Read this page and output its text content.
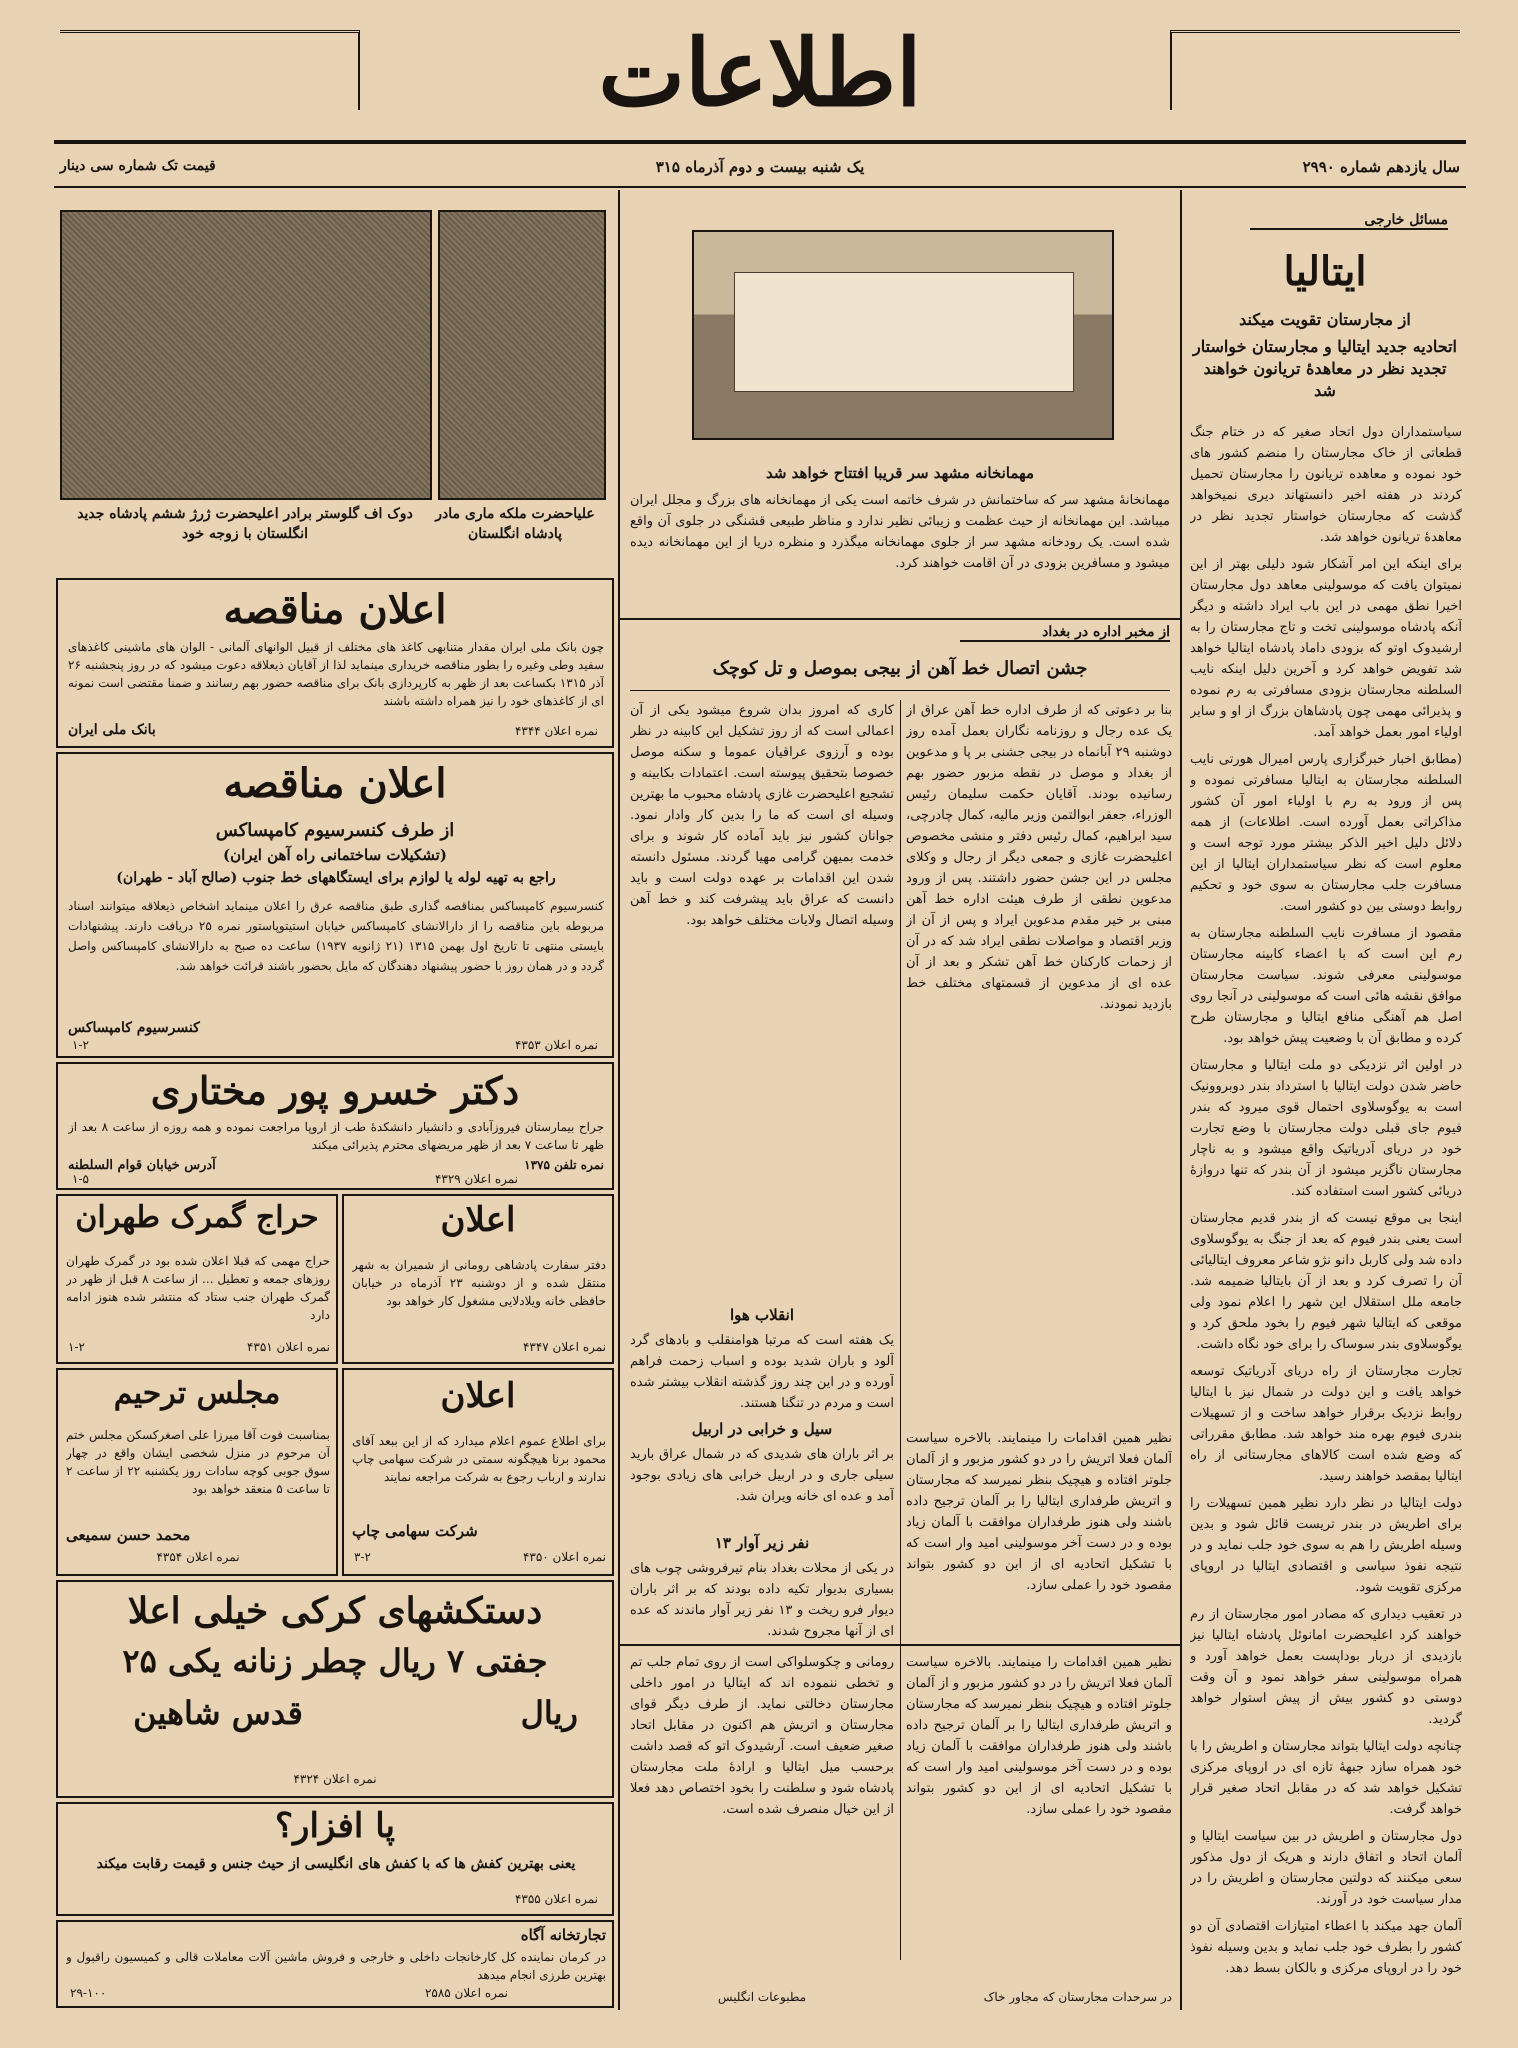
اطلاعات
سال یازدهم شماره ۲۹۹۰
یک شنبه بیست و دوم آذرماه ۳۱۵
قیمت تک شماره سی دینار
مسائل خارجی
ایتالیا
از مجارستان تقویت میکند
اتحادیه جدید ایتالیا و مجارستان خواستار تجدید نظر در معاهدهٔ تریانون خواهند شد

سیاستمداران دول اتحاد صغیر که در ختام جنگ قطعاتی از خاک مجارستان را منضم کشور های خود نموده و معاهده تریانون را مجارستان تحمیل کردند در هفته اخیر دانستهاند دیری نمیخواهد گذشت که مجارستان خواستار تجدید نظر در معاهدهٔ تریانون خواهد شد.

برای اینکه این امر آشکار شود دلیلی بهتر از این نمیتوان یافت که موسولینی معاهد دول مجارستان اخیرا نطق مهمی در این باب ایراد داشته و دیگر آنکه پادشاه موسولینی تخت و تاج مجارستان را به ارشیدوک اوتو که بزودی داماد پادشاه ایتالیا خواهد شد تفویض خواهد کرد و آخرین دلیل اینکه نایب السلطنه مجارستان بزودی مسافرتی به رم نموده و پذیرائی مهمی چون پادشاهان بزرگ از او و سایر اولیاء امور بعمل خواهد آمد.

(مطابق اخبار خبرگزاری پارس امیرال هورتی نایب السلطنه مجارستان به ایتالیا مسافرتی نموده و پس از ورود به رم با اولیاء امور آن کشور مذاکراتی بعمل آورده است. اطلاعات) از همه دلائل دلیل اخیر الذکر بیشتر مورد توجه است و معلوم است که نظر سیاستمداران ایتالیا از این مسافرت جلب مجارستان به سوی خود و تحکیم روابط دوستی بین دو کشور است.

مقصود از مسافرت نایب السلطنه مجارستان به رم این است که با اعضاء کابینه مجارستان موسولینی معرفی شوند. سیاست مجارستان موافق نقشه هائی است که موسولینی در آنجا روی اصل هم آهنگی منافع ایتالیا و مجارستان طرح کرده و مطابق آن با وضعیت پیش خواهد بود.

در اولین اثر نزدیکی دو ملت ایتالیا و مجارستان حاضر شدن دولت ایتالیا با استرداد بندر دوبروونیک است به یوگوسلاوی احتمال قوی میرود که بندر فیوم جای قبلی دولت مجارستان با وضع تجارت خود در دریای آدریاتیک واقع میشود و به ناچار مجارستان ناگزیر میشود از آن بندر که تنها دروازهٔ دریائی کشور است استفاده کند.

اینجا بی موقع نیست که از بندر قدیم مجارستان است یعنی بندر فیوم که بعد از جنگ به یوگوسلاوی داده شد ولی کاربل دانو نژو شاعر معروف ایتالیائی آن را تصرف کرد و بعد از آن بایتالیا ضمیمه شد. جامعه ملل استقلال این شهر را اعلام نمود ولی موقعی که ایتالیا شهر فیوم را بخود ملحق کرد و یوگوسلاوی بندر سوساک را برای خود نگاه داشت.

تجارت مجارستان از راه دریای آدریاتیک توسعه خواهد یافت و این دولت در شمال نیز با ایتالیا روابط نزدیک برقرار خواهد ساخت و از تسهیلات بندری فیوم بهره مند خواهد شد. مطابق مقرراتی که وضع شده است کالاهای مجارستانی از راه ایتالیا بمقصد خواهند رسید.

دولت ایتالیا در نظر دارد نظیر همین تسهیلات را برای اطریش در بندر تریست قائل شود و بدین وسیله اطریش را هم به سوی خود جلب نماید و در نتیجه نفوذ سیاسی و اقتصادی ایتالیا در اروپای مرکزی تقویت شود.

در تعقیب دیداری که مصادر امور مجارستان از رم خواهند کرد اعلیحضرت امانوئل پادشاه ایتالیا نیز بازدیدی از دربار بوداپست بعمل خواهد آورد و همراه موسولینی سفر خواهد نمود و آن وقت دوستی دو کشور بیش از پیش استوار خواهد گردید.

چنانچه دولت ایتالیا بتواند مجارستان و اطریش را با خود همراه سازد جبههٔ تازه ای در اروپای مرکزی تشکیل خواهد شد که در مقابل اتحاد صغیر قرار خواهد گرفت.

دول مجارستان و اطریش در بین سیاست ایتالیا و آلمان اتحاد و اتفاق دارند و هریک از دول مذکور سعی میکنند که دولتین مجارستان و اطریش را در مدار سیاست خود در آورند.

آلمان جهد میکند با اعطاء امتیازات اقتصادی آن دو کشور را بطرف خود جلب نماید و بدین وسیله نفوذ خود را در اروپای مرکزی و بالکان بسط دهد.

مهمانخانه مشهد سر قریبا افتتاح خواهد شد
مهمانخانهٔ مشهد سر که ساختمانش در شرف خاتمه است یکی از مهمانخانه های بزرگ و مجلل ایران میباشد. این مهمانخانه از حیث عظمت و زیبائی نظیر ندارد و مناظر طبیعی قشنگی در جلوی آن واقع شده است. یک رودخانه مشهد سر از جلوی مهمانخانه میگذرد و منظره دریا از این مهمانخانه دیده میشود و مسافرین بزودی در آن اقامت خواهند کرد.
از مخبر اداره در بغداد
جشن اتصال خط آهن از بیجی بموصل و تل کوچک
بنا بر دعوتی که از طرف اداره خط آهن عراق از یک عده رجال و روزنامه نگاران بعمل آمده روز دوشنبه ۲۹ آبانماه در بیجی جشنی بر پا و مدعوین از بغداد و موصل در نقطه مزبور حضور بهم رسانیده بودند. آقایان حکمت سلیمان رئیس الوزراء، جعفر ابوالتمن وزیر مالیه، کمال چادرچی، سید ابراهیم، کمال رئیس دفتر و منشی مخصوص اعلیحضرت غازی و جمعی دیگر از رجال و وکلای مجلس در این جشن حضور داشتند. پس از ورود مدعوین نطقی از طرف هیئت اداره خط آهن مبنی بر خیر مقدم مدعوین ایراد و پس از آن از وزیر اقتصاد و مواصلات نطقی ایراد شد که در آن از زحمات کارکنان خط آهن تشکر و بعد از آن عده ای از مدعوین از قسمتهای مختلف خط بازدید نمودند.
کاری که امروز بدان شروع میشود یکی از آن اعمالی است که از روز تشکیل این کابینه در نظر بوده و آرزوی عراقیان عموما و سکنه موصل خصوصا بتحقیق پیوسته است. اعتمادات بکابینه و تشجیع اعلیحضرت غازی پادشاه محبوب ما بهترین وسیله ای است که ما را بدین کار وادار نمود. جوانان کشور نیز باید آماده کار شوند و برای خدمت بمیهن گرامی مهیا گردند. مسئول دانسته شدن این اقدامات بر عهده دولت است و باید دانست که عراق باید پیشرفت کند و خط آهن وسیله اتصال ولایات مختلف خواهد بود.
انقلاب هوا
یک هفته است که مرتبا هوامنقلب و بادهای گرد آلود و باران شدید بوده و اسباب زحمت فراهم آورده و در این چند روز گذشته انقلاب بیشتر شده است و مردم در تنگنا هستند.
سیل و خرابی در اربیل
بر اثر باران های شدیدی که در شمال عراق بارید سیلی جاری و در اربیل خرابی های زیادی بوجود آمد و عده ای خانه ویران شد.
۱۳ نفر زیر آوار
در یکی از محلات بغداد بنام تیرفروشی چوب های بسیاری بدیوار تکیه داده بودند که بر اثر باران دیوار فرو ریخت و ۱۳ نفر زیر آوار ماندند که عده ای از آنها مجروح شدند.
نظیر همین اقدامات را مینمایند. بالاخره سیاست آلمان فعلا اتریش را در دو کشور مزبور و از آلمان جلوتر افتاده و هیچیک بنظر نمیرسد که مجارستان و اتریش طرفداری ایتالیا را بر آلمان ترجیح داده باشند ولی هنوز طرفداران موافقت با آلمان زیاد بوده و در دست آخر موسولینی امید وار است که با تشکیل اتحادیه ای از این دو کشور بتواند مقصود خود را عملی سازد.
نظیر همین اقدامات را مینمایند. بالاخره سیاست آلمان فعلا اتریش را در دو کشور مزبور و از آلمان جلوتر افتاده و هیچیک بنظر نمیرسد که مجارستان و اتریش طرفداری ایتالیا را بر آلمان ترجیح داده باشند ولی هنوز طرفداران موافقت با آلمان زیاد بوده و در دست آخر موسولینی امید وار است که با تشکیل اتحادیه ای از این دو کشور بتواند مقصود خود را عملی سازد.
رومانی و چکوسلواکی است از روی تمام جلب تم و تخطی ننموده اند که ایتالیا در امور داخلی مجارستان دخالتی نماید. از طرف دیگر قوای مجارستان و اتریش هم اکنون در مقابل اتحاد صغیر ضعیف است. آرشیدوک اتو که قصد داشت برحسب میل ایتالیا و ارادهٔ ملت مجارستان پادشاه شود و سلطنت را بخود اختصاص دهد فعلا از این خیال منصرف شده است.
در سرحدات مجارستان که مجاور خاک
مطبوعات انگلیس
علیاحضرت ملکه ماری مادر پادشاه انگلستان
دوک اف گلوستر برادر اعلیحضرت ژرژ ششم پادشاه جدید انگلستان با زوجه خود
اعلان مناقصه
چون بانک ملی ایران مقدار متنابهی کاغذ های مختلف از قبیل الوانهای آلمانی - الوان های ماشینی کاغذهای سفید وطی وغیره را بطور مناقصه خریداری مینماید لذا از آقایان ذیعلاقه دعوت میشود که در روز پنجشنبه ۲۶ آذر ۱۳۱۵ بکساعت بعد از ظهر به کارپردازی بانک برای مناقصه حضور بهم رسانند و ضمنا مقتضی است نمونه ای از کاغذهای خود را نیز همراه داشته باشند
بانک ملی ایران	نمره اعلان ۴۳۴۴
اعلان مناقصه
از طرف کنسرسیوم کامپساکس
(تشکیلات ساختمانی راه آهن ایران)
راجع به تهیه لوله یا لوازم برای ایستگاههای خط جنوب (صالح آباد - طهران)
کنسرسیوم کامپساکس بمناقصه گذاری طبق مناقصه عرق را اعلان مینماید اشخاص ذیعلاقه میتوانند اسناد مربوطه باین مناقصه را از دارالانشای کامپساکس خیابان استیتوپاستور نمره ۲۵ دریافت دارند. پیشنهادات بایستی منتهی تا تاریخ اول بهمن ۱۳۱۵ (۲۱ ژانویه ۱۹۳۷) ساعت ده صبح به دارالانشای کامپساکس واصل گردد و در همان روز با حضور پیشنهاد دهندگان که مایل بحضور باشند قرائت خواهد شد.
کنسرسیوم کامپساکس
نمره اعلان ۴۳۵۳
۱-۲
دکتر خسرو پور مختاری
جراح بیمارستان فیروزآبادی و دانشیار دانشکدهٔ طب از اروپا مراجعت نموده و همه روزه از ساعت ۸ بعد از ظهر تا ساعت ۷ بعد از ظهر مریضهای محترم پذیرائی میکند
آدرس خیابان قوام السلطنه	نمره تلفن ۱۳۷۵
نمره اعلان ۴۳۲۹
۱-۵
حراج گمرک طهران
حراج مهمی که قبلا اعلان شده بود در گمرک طهران روزهای جمعه و تعطیل ... از ساعت ۸ قبل از ظهر در گمرک طهران جنب ستاد که منتشر شده هنوز ادامه دارد
نمره اعلان ۴۳۵۱
۱-۲
اعلان
دفتر سفارت پادشاهی رومانی از شمیران به شهر منتقل شده و از دوشنبه ۲۳ آذرماه در خیابان حافظی خانه ویلادلایی مشغول کار خواهد بود
نمره اعلان ۴۳۴۷
مجلس ترحیم
بمناسبت فوت آقا میرزا علی اصغرکسکن مجلس ختم آن مرحوم در منزل شخصی ایشان واقع در چهار سوق جوبی کوچه سادات روز یکشنبه ۲۲ از ساعت ۲ تا ساعت ۵ منعقد خواهد بود
محمد حسن سمیعی
نمره اعلان ۴۳۵۴
اعلان
برای اطلاع عموم اعلام میدارد که از این ببعد آقای محمود برنا هیچگونه سمتی در شرکت سهامی چاپ ندارند و ارباب رجوع به شرکت مراجعه نمایند
شرکت سهامی چاپ
نمره اعلان ۴۳۵۰
۳-۲
دستکشهای کرکی خیلی اعلا
جفتی ۷ ریال چطر زنانه یکی ۲۵
ریال
قدس شاهین
نمره اعلان ۴۳۲۴
پا افزار؟
یعنی بهترین کفش ها که با کفش های انگلیسی از حیث جنس و قیمت رقابت میکند
نمره اعلان ۴۳۵۵
تجارتخانه آگاه
در کرمان نماینده کل کارخانجات داخلی و خارجی و فروش ماشین آلات معاملات قالی و کمیسیون راقبول و بهترین طرزی انجام میدهد
نمره اعلان ۲۵۸۵
۲۹-۱۰۰
